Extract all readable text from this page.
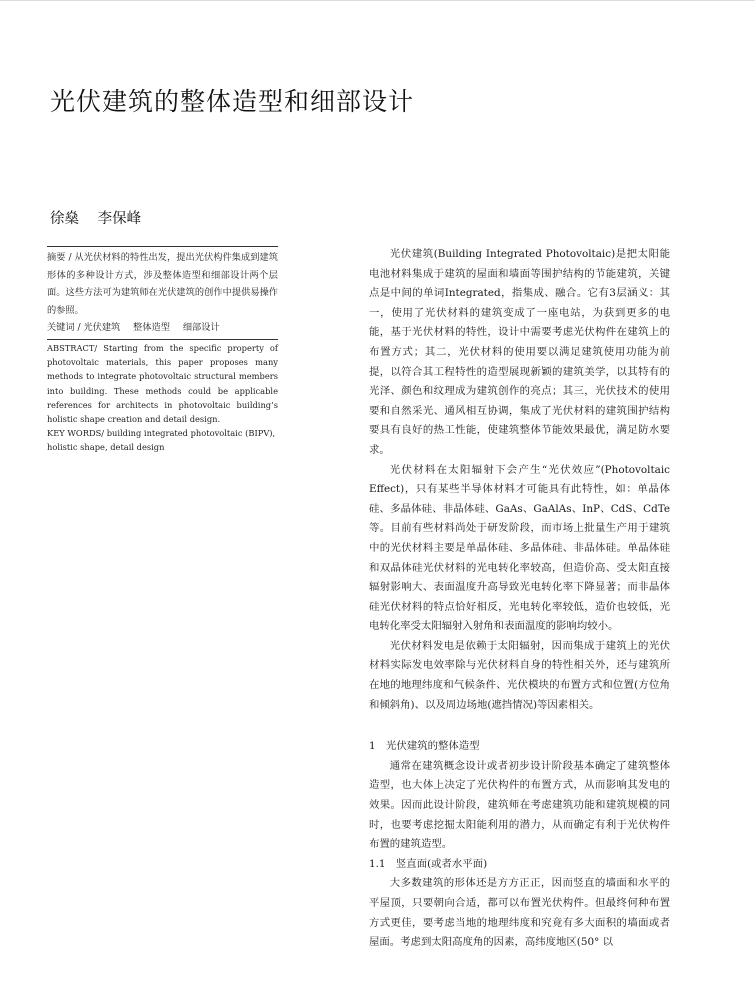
光伏建筑的整体造型和细部设计
徐燊 李保峰
摘要 / 从光伏材料的特性出发，提出光伏构件集成到建筑形体的多种设计方式，涉及整体造型和细部设计两个层面。这些方法可为建筑师在光伏建筑的创作中提供易操作的参照。
关键词 / 光伏建筑 整体造型 细部设计
ABSTRACT/ Starting from the specific property of photovoltaic materials, this paper proposes many methods to integrate photovoltaic structural members into building. These methods could be applicable references for architects in photovoltaic building’s holistic shape creation and detail design.
KEY WORDS/ building integrated photovoltaic (BIPV), holistic shape, detail design

光伏建筑(Building Integrated Photovoltaic)是把太阳能电池材料集成于建筑的屋面和墙面等围护结构的节能建筑，关键点是中间的单词Integrated，指集成、融合。它有3层涵义：其一，使用了光伏材料的建筑变成了一座电站，为获到更多的电能，基于光伏材料的特性，设计中需要考虑光伏构件在建筑上的布置方式；其二，光伏材料的使用要以满足建筑使用功能为前提，以符合其工程特性的造型展现新颖的建筑美学，以其特有的光泽、颜色和纹理成为建筑创作的亮点；其三，光伏技术的使用要和自然采光、通风相互协调，集成了光伏材料的建筑围护结构要具有良好的热工性能，使建筑整体节能效果最优，满足防水要求。

光伏材料在太阳辐射下会产生“光伏效应”(Photovoltaic Effect)，只有某些半导体材料才可能具有此特性，如：单晶体硅、多晶体硅、非晶体硅、GaAs、GaAlAs、InP、CdS、CdTe等。目前有些材料尚处于研发阶段，而市场上批量生产用于建筑中的光伏材料主要是单晶体硅、多晶体硅、非晶体硅。单晶体硅和双晶体硅光伏材料的光电转化率较高，但造价高、受太阳直接辐射影响大、表面温度升高导致光电转化率下降显著；而非晶体硅光伏材料的特点恰好相反，光电转化率较低，造价也较低，光电转化率受太阳辐射入射角和表面温度的影响均较小。

光伏材料发电是依赖于太阳辐射，因而集成于建筑上的光伏材料实际发电效率除与光伏材料自身的特性相关外，还与建筑所在地的地理纬度和气候条件、光伏模块的布置方式和位置(方位角和倾斜角)、以及周边场地(遮挡情况)等因素相关。

1　光伏建筑的整体造型

通常在建筑概念设计或者初步设计阶段基本确定了建筑整体造型，也大体上决定了光伏构件的布置方式，从而影响其发电的效果。因而此设计阶段，建筑师在考虑建筑功能和建筑规模的同时，也要考虑挖掘太阳能利用的潜力，从而确定有利于光伏构件布置的建筑造型。

1.1　竖直面(或者水平面)

大多数建筑的形体还是方方正正，因而竖直的墙面和水平的平屋顶，只要朝向合适，都可以布置光伏构件。但最终何种布置方式更佳，要考虑当地的地理纬度和究竟有多大面积的墙面或者屋面。考虑到太阳高度角的因素，高纬度地区(50° 以
